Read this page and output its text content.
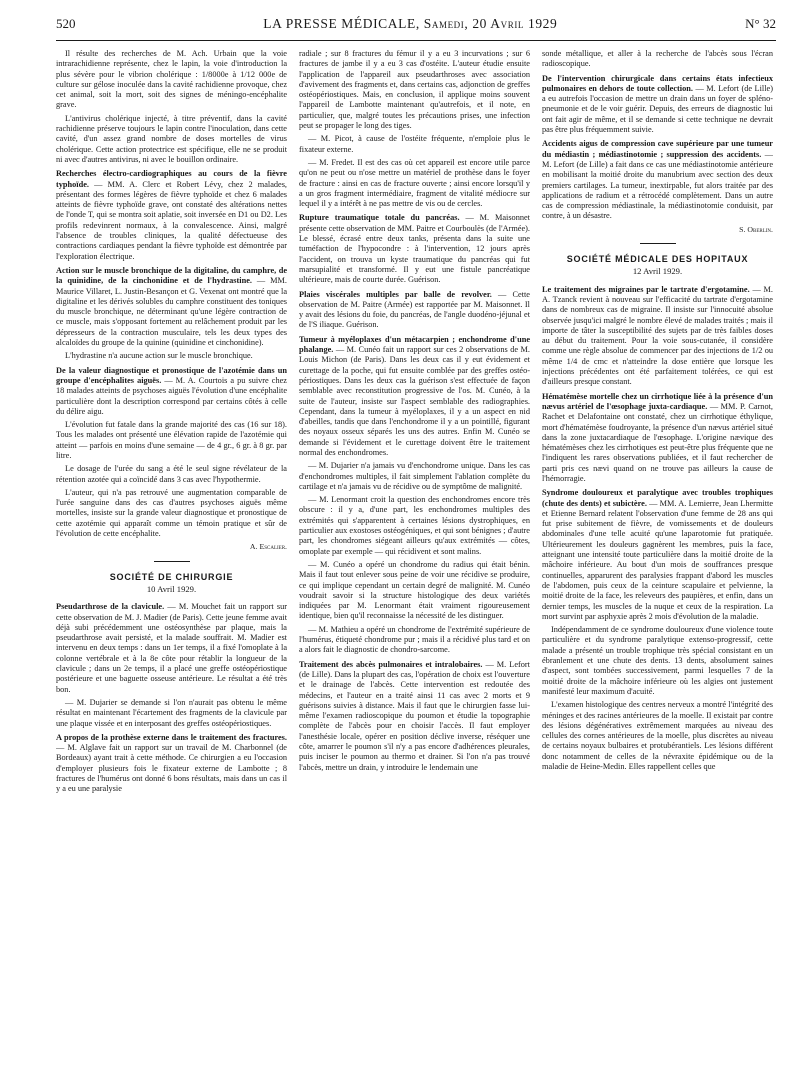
520	LA PRESSE MÉDICALE, Samedi, 20 Avril 1929	N° 32

Il résulte des recherches de M. Ach. Urbain que la voie intrarachidienne représente, chez le lapin, la voie d'introduction la plus sévère pour le vibrion cholérique : 1/8000e à 1/12 000e de culture sur gélose inoculée dans la cavité rachidienne provoque, chez cet animal, soit la mort, soit des signes de méningo-encéphalite grave.

L'antivirus cholérique injecté, à titre préventif, dans la cavité rachidienne préserve toujours le lapin contre l'inoculation, dans cette cavité, d'un assez grand nombre de doses mortelles de virus cholérique. Cette action protectrice est spécifique, elle ne se produit ni avec d'autres antivirus, ni avec le bouillon ordinaire.

Recherches électro-cardiographiques au cours de la fièvre typhoïde. — MM. A. Clerc et Robert Lévy, chez 2 malades, présentant des formes légères de fièvre typhoïde et chez 6 malades atteints de fièvre typhoïde grave, ont constaté des altérations nettes de l'onde T, qui se montra soit aplatie, soit inversée en D1 ou D2. Les profils redevinrent normaux, à la convalescence. Ainsi, malgré l'absence de troubles cliniques, la qualité défectueuse des contractions cardiaques pendant la fièvre typhoïde est démontrée par l'exploration électrique.

Action sur le muscle bronchique de la digitaline, du camphre, de la quinidine, de la cinchonidine et de l'hydrastine. — MM. Maurice Villaret, L. Justin-Besançon et G. Vexenat ont montré que la digitaline et les dérivés solubles du camphre constituent des toniques du muscle bronchique, ne déterminant qu'une légère contraction de ce muscle, mais s'opposant fortement au relâchement produit par les dépresseurs de la contraction musculaire, tels les deux types des alcaloïdes du groupe de la quinine (quinidine et cinchonidine).

L'hydrastine n'a aucune action sur le muscle bronchique.

De la valeur diagnostique et pronostique de l'azotémie dans un groupe d'encéphalites aiguës. — M. A. Courtois a pu suivre chez 18 malades atteints de psychoses aiguës l'évolution d'une encéphalite particulière dont la description correspond par certains côtés à celle du délire aigu.

L'évolution fut fatale dans la grande majorité des cas (16 sur 18). Tous les malades ont présenté une élévation rapide de l'azotémie qui atteint — parfois en moins d'une semaine — de 4 gr., 6 gr. à 8 gr. par litre.

Le dosage de l'urée du sang a été le seul signe révélateur de la rétention azotée qui a coïncidé dans 3 cas avec l'hypothermie.

L'auteur, qui n'a pas retrouvé une augmentation comparable de l'urée sanguine dans des cas d'autres psychoses aiguës même mortelles, insiste sur la grande valeur diagnostique et pronostique de cette azotémie qui apparaît comme un témoin pratique et sûr de l'évolution de cette encéphalite.

A. Escalier.
SOCIÉTÉ DE CHIRURGIE
10 Avril 1929.

Pseudarthrose de la clavicule. — M. Mouchet fait un rapport sur cette observation de M. J. Madier (de Paris). Cette jeune femme avait déjà subi précédemment une ostéosynthèse par plaque, mais la pseudarthrose avait persisté, et la malade souffrait. M. Madier est intervenu en deux temps : dans un 1er temps, il a fixé l'omoplate à la colonne vertébrale et à la 8e côte pour rétablir la longueur de la clavicule ; dans un 2e temps, il a placé une greffe ostéopériostique postérieure et une baguette osseuse antérieure. Le résultat a été très bon.

— M. Dujarier se demande si l'on n'aurait pas obtenu le même résultat en maintenant l'écartement des fragments de la clavicule par une plaque vissée et en interposant des greffes ostéopériostiques.

A propos de la prothèse externe dans le traitement des fractures. — M. Alglave fait un rapport sur un travail de M. Charbonnel (de Bordeaux) ayant trait à cette méthode. Ce chirurgien a eu l'occasion d'employer plusieurs fois le fixateur externe de Lambotte ; 8 fractures de l'humérus ont donné 6 bons résultats, mais dans un cas il y a eu une paralysie

radiale ; sur 8 fractures du fémur il y a eu 3 incurvations ; sur 6 fractures de jambe il y a eu 3 cas d'ostéite. L'auteur étudie ensuite l'application de l'appareil aux pseudarthroses avec association d'avivement des fragments et, dans certains cas, adjonction de greffes ostéopériostiques. Mais, en conclusion, il applique moins souvent l'appareil de Lambotte maintenant qu'autrefois, et il note, en particulier, que, malgré toutes les précautions prises, une infection peut se propager le long des tiges.

— M. Picot, à cause de l'ostéite fréquente, n'emploie plus le fixateur externe.

— M. Fredet. Il est des cas où cet appareil est encore utile parce qu'on ne peut ou n'ose mettre un matériel de prothèse dans le foyer de fracture : ainsi en cas de fracture ouverte ; ainsi encore lorsqu'il y a un gros fragment intermédiaire, fragment de vitalité médiocre sur lequel il y a intérêt à ne pas mettre de vis ou de cercles.

Rupture traumatique totale du pancréas. — M. Maisonnet présente cette observation de MM. Paitre et Courboulès (de l'Armée). Le blessé, écrasé entre deux tanks, présenta dans la suite une tuméfaction de l'hypocondre : à l'intervention, 12 jours après l'accident, on trouva un kyste traumatique du pancréas qui fut marsupialité et transformé. Il y eut une fistule pancréatique ultérieure, mais de courte durée. Guérison.

Plaies viscérales multiples par balle de revolver. — Cette observation de M. Paitre (Armée) est rapportée par M. Maisonnet. Il y avait des lésions du foie, du pancréas, de l'angle duodéno-jéjunal et de l'S iliaque. Guérison.

Tumeur à myéloplaxes d'un métacarpien ; enchondrome d'une phalange. — M. Cunéo fait un rapport sur ces 2 observations de M. Louis Michon (de Paris). Dans les deux cas il y eut évidement et curettage de la poche, qui fut ensuite comblée par des greffes ostéo-périostiques. Dans les deux cas la guérison s'est effectuée de façon semblable avec reconstitution progressive de l'os. M. Cunéo, à la suite de l'auteur, insiste sur l'aspect semblable des radiographies. Cependant, dans la tumeur à myéloplaxes, il y a un aspect en nid d'abeilles, tandis que dans l'enchondrome il y a un pointillé, figurant des noyaux osseux séparés les uns des autres. Enfin M. Cunéo se demande si l'évidement et le curettage doivent être le traitement normal des enchondromes.

— M. Dujarier n'a jamais vu d'enchondrome unique. Dans les cas d'enchondromes multiples, il fait simplement l'ablation complète du cartilage et n'a jamais vu de récidive ou de symptôme de malignité.

— M. Lenormant croit la question des enchondromes encore très obscure : il y a, d'une part, les enchondromes multiples des extrémités qui s'apparentent à certaines lésions dystrophiques, en particulier aux exostoses ostéogéniques, et qui sont bénignes ; d'autre part, les chondromes siégeant ailleurs qu'aux extrémités — côtes, omoplate par exemple — qui récidivent et sont malins.

— M. Cunéo a opéré un chondrome du radius qui était bénin. Mais il faut tout enlever sous peine de voir une récidive se produire, ce qui implique cependant un certain degré de malignité. M. Cunéo voudrait savoir si la structure histologique des deux variétés indiquées par M. Lenormant était vraiment rigoureusement identique, bien qu'il reconnaisse la nécessité de les distinguer.

— M. Mathieu a opéré un chondrome de l'extrémité supérieure de l'humérus, étiqueté chondrome pur ; mais il a récidivé plus tard et on a alors fait le diagnostic de chondro-sarcome.

Traitement des abcès pulmonaires et intralobaires. — M. Lefort (de Lille). Dans la plupart des cas, l'opération de choix est l'ouverture et le drainage de l'abcès. Cette intervention est redoutée des médecins, et l'auteur en a traité ainsi 11 cas avec 2 morts et 9 guérisons suivies à distance. Mais il faut que le chirurgien fasse lui-même l'examen radioscopique du poumon et étudie la topographie complète de l'abcès pour en choisir l'accès. Il faut employer l'anesthésie locale, opérer en position déclive inverse, réséquer une côte, amarrer le poumon s'il n'y a pas encore d'adhérences pleurales, puis inciser le poumon au thermo et drainer. Si l'on n'a pas trouvé l'abcès, mettre un drain, y introduire le lendemain une

sonde métallique, et aller à la recherche de l'abcès sous l'écran radioscopique.

De l'intervention chirurgicale dans certains états infectieux pulmonaires en dehors de toute collection. — M. Lefort (de Lille) a eu autrefois l'occasion de mettre un drain dans un foyer de spléno-pneumonie et de le voir guérir. Depuis, des erreurs de diagnostic lui ont fait agir de même, et il se demande si cette technique ne devrait pas être plus fréquemment suivie.

Accidents aigus de compression cave supérieure par une tumeur du médiastin ; médiastinotomie ; suppression des accidents. — M. Lefort (de Lille) a fait dans ce cas une médiastinotomie antérieure en mobilisant la moitié droite du manubrium avec section des deux premiers cartilages. La tumeur, inextirpable, fut alors traitée par des applications de radium et a rétrocédé complètement. Dans un autre cas de compression médiastinale, la médiastinotomie conduisit, par contre, à un désastre.

S. Oberlin.
SOCIÉTÉ MÉDICALE DES HOPITAUX
12 Avril 1929.

Le traitement des migraines par le tartrate d'ergotamine. — M. A. Tzanck revient à nouveau sur l'efficacité du tartrate d'ergotamine dans de nombreux cas de migraine. Il insiste sur l'innocuité absolue observée jusqu'ici malgré le nombre élevé de malades traités ; mais il importe de tâter la susceptibilité des sujets par de très faibles doses au début du traitement. Pour la voie sous-cutanée, il considère comme une règle absolue de commencer par des injections de 1/2 ou même 1/4 de cmc et n'atteindre la dose entière que lorsque les injections précédentes ont été parfaitement tolérées, ce qui est d'ailleurs presque constant.

Hématémèse mortelle chez un cirrhotique liée à la présence d'un nævus artériel de l'œsophage juxta-cardiaque. — MM. P. Carnot, Rachet et Delafontaine ont constaté, chez un cirrhotique éthylique, mort d'hématémèse foudroyante, la présence d'un nævus artériel situé dans la zone juxtacardiaque de l'œsophage. L'origine nævique des hématémèses chez les cirrhotiques est peut-être plus fréquente que ne l'indiquent les rares observations publiées, et il faut rechercher de parti pris ces nævi quand on ne trouve pas ailleurs la cause de l'hémorragie.

Syndrome douloureux et paralytique avec troubles trophiques (chute des dents) et subictère. — MM. A. Lemierre, Jean Lhermitte et Etienne Bernard relatent l'observation d'une femme de 28 ans qui fut prise subitement de fièvre, de vomissements et de douleurs abdominales d'une telle acuité qu'une laparotomie fut pratiquée. Ultérieurement les douleurs gagnèrent les membres, puis la face, atteignant une intensité toute particulière dans la moitié droite de la mâchoire inférieure. Au bout d'un mois de souffrances presque continuelles, apparurent des paralysies frappant d'abord les muscles de l'abdomen, puis ceux de la ceinture scapulaire et pelvienne, la moitié droite de la face, les releveurs des paupières, et enfin, dans un dernier temps, les muscles de la nuque et ceux de la respiration. La mort survint par asphyxie après 2 mois d'évolution de la maladie.

Indépendamment de ce syndrome douloureux d'une violence toute particulière et du syndrome paralytique extenso-progressif, cette malade a présenté un trouble trophique très spécial consistant en un ébranlement et une chute des dents. 13 dents, absolument saines d'aspect, sont tombées successivement, parmi lesquelles 7 de la moitié droite de la mâchoire inférieure où les algies ont justement manifesté leur maximum d'acuité.

L'examen histologique des centres nerveux a montré l'intégrité des méninges et des racines antérieures de la moelle. Il existait par contre des lésions dégénératives extrêmement marquées au niveau des cellules des cornes antérieures de la moelle, plus discrètes au niveau de certains noyaux bulbaires et protubérantiels. Les lésions différent donc notamment de celles de la névraxite épidémique ou de la maladie de Heine-Medin. Elles rappellent celles que
